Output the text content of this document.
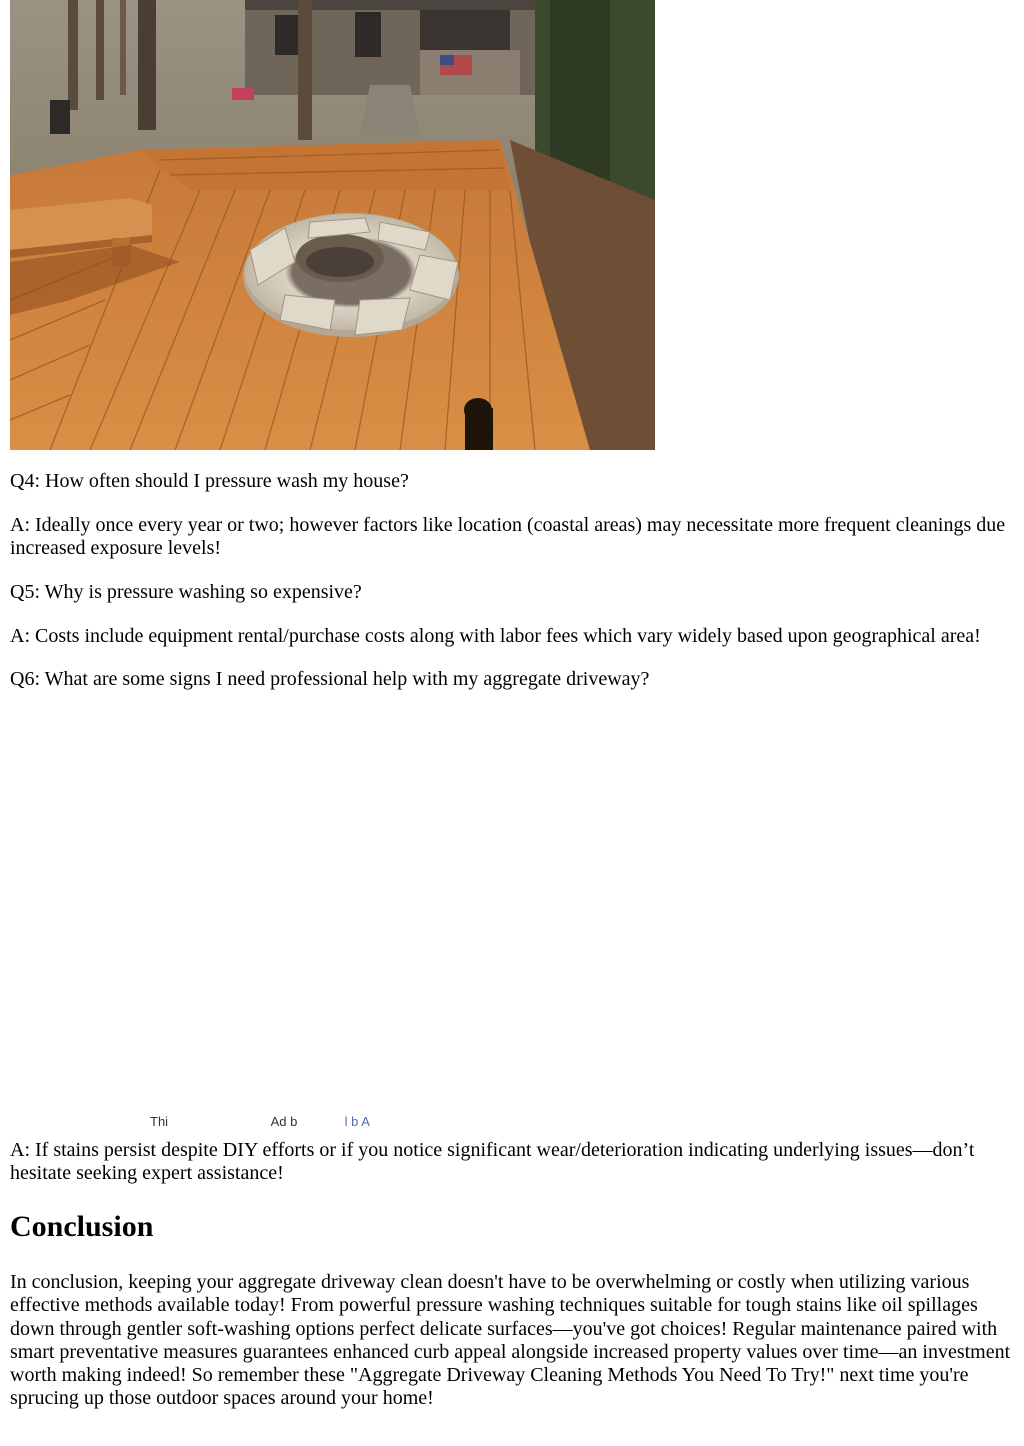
Q4: How often should I pressure wash my house?

A: Ideally once every year or two; however factors like location (coastal areas) may necessitate more frequent cleanings due increased exposure levels!

Q5: Why is pressure washing so expensive?

A: Costs include equipment rental/purchase costs along with labor fees which vary widely based upon geographical area!

Q6: What are some signs I need professional help with my aggregate driveway?

Thi	Ad b	l b A

A: If stains persist despite DIY efforts or if you notice significant wear/deterioration indicating underlying issues—don’t hesitate seeking expert assistance!

Conclusion

In conclusion, keeping your aggregate driveway clean doesn't have to be overwhelming or costly when utilizing various effective methods available today! From powerful pressure washing techniques suitable for tough stains like oil spillages down through gentler soft-washing options perfect delicate surfaces—you've got choices! Regular maintenance paired with smart preventative measures guarantees enhanced curb appeal alongside increased property values over time—an investment worth making indeed! So remember these "Aggregate Driveway Cleaning Methods You Need To Try!" next time you're sprucing up those outdoor spaces around your home!
